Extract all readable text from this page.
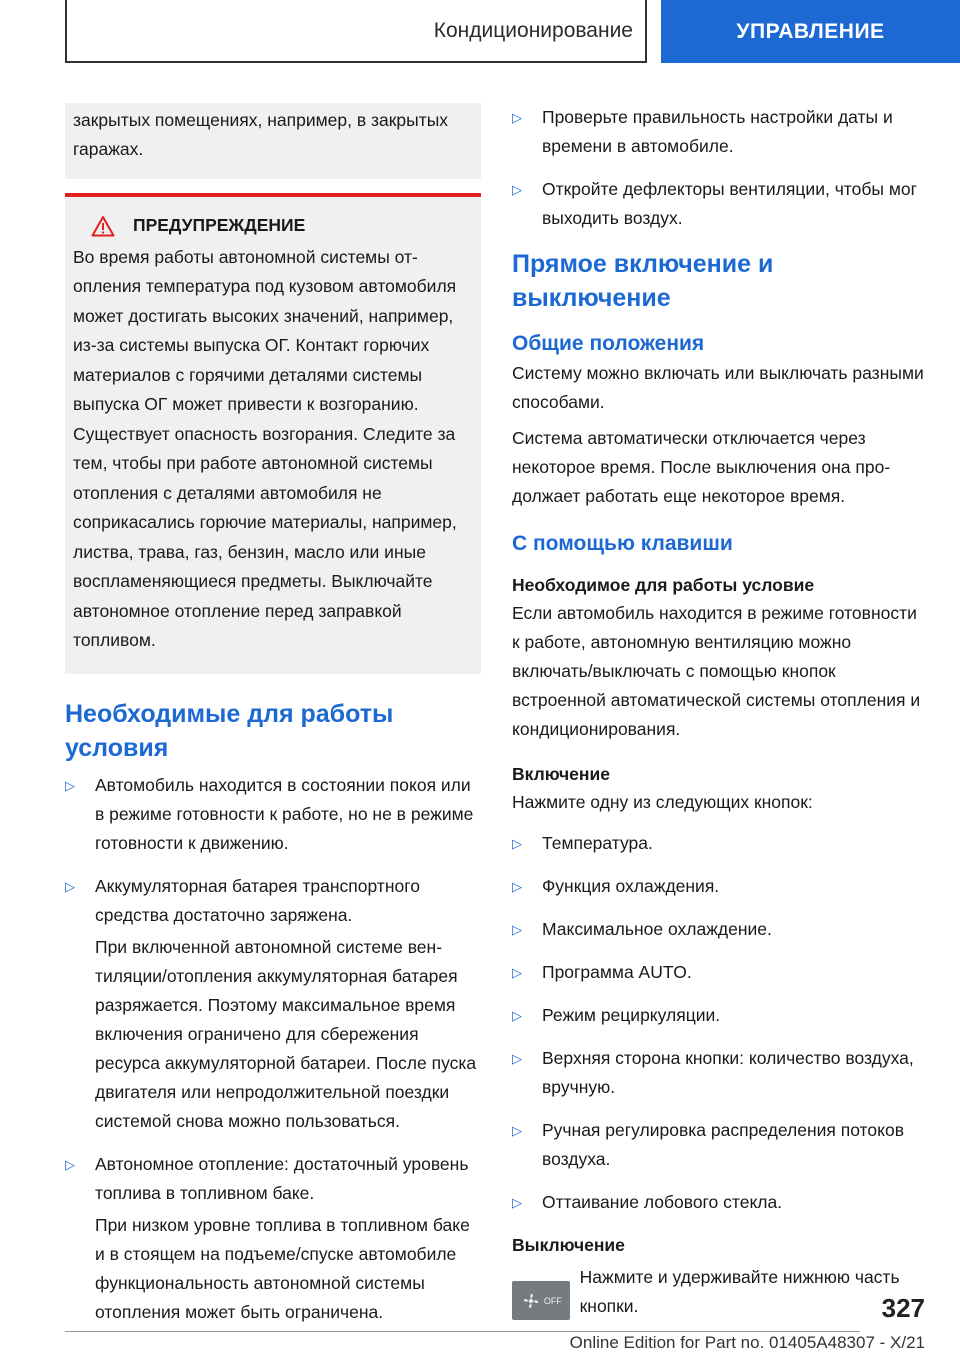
Кондиционирование	УПРАВЛЕНИЕ

закрытых помещениях, например, в закрытых гаражах.

ПРЕДУПРЕЖДЕНИЕ

Во время работы автономной системы отопления температура под кузовом автомобиля может достигать высоких значений, например, из-за системы выпуска ОГ. Контакт горючих материалов с горячими деталями системы выпуска ОГ может привести к возгоранию. Существует опасность возгорания. Следите за тем, чтобы при работе автономной системы отопления с деталями автомобиля не соприкасались горючие материалы, например, листва, трава, газ, бензин, масло или иные воспламеняющиеся предметы. Выключайте автономное отопление перед заправкой топливом.

Необходимые для работы условия
▷ Автомобиль находится в состоянии покоя или в режиме готовности к работе, но не в режиме готовности к движению.
▷ Аккумуляторная батарея транспортного средства достаточно заряжена.

При включенной автономной системе вентиляции/отопления аккумуляторная батарея разряжается. Поэтому максимальное время включения ограничено для сбережения ресурса аккумуляторной батареи. После пуска двигателя или непродолжительной поездки системой снова можно пользоваться.

▷ Автономное отопление: достаточный уровень топлива в топливном баке.

При низком уровне топлива в топливном баке и в стоящем на подъеме/спуске автомобиле функциональность автономной системы отопления может быть ограничена.

▷ Проверьте правильность настройки даты и времени в автомобиле.
▷ Откройте дефлекторы вентиляции, чтобы мог выходить воздух.
Прямое включение и выключение
Общие положения

Систему можно включать или выключать разными способами.

Система автоматически отключается через некоторое время. После выключения она продолжает работать еще некоторое время.

С помощью клавиши
Необходимое для работы условие

Если автомобиль находится в режиме готовности к работе, автономную вентиляцию можно включать/выключать с помощью кнопок встроенной автоматической системы отопления и кондиционирования.

Включение

Нажмите одну из следующих кнопок:

▷ Температура.
▷ Функция охлаждения.
▷ Максимальное охлаждение.
▷ Программа AUTO.
▷ Режим рециркуляции.
▷ Верхняя сторона кнопки: количество воздуха, вручную.
▷ Ручная регулировка распределения потоков воздуха.
▷ Оттаивание лобового стекла.
Выключение
OFF

Нажмите и удерживайте нижнюю часть кнопки.	327
Online Edition for Part no. 01405A48307 - X/21
